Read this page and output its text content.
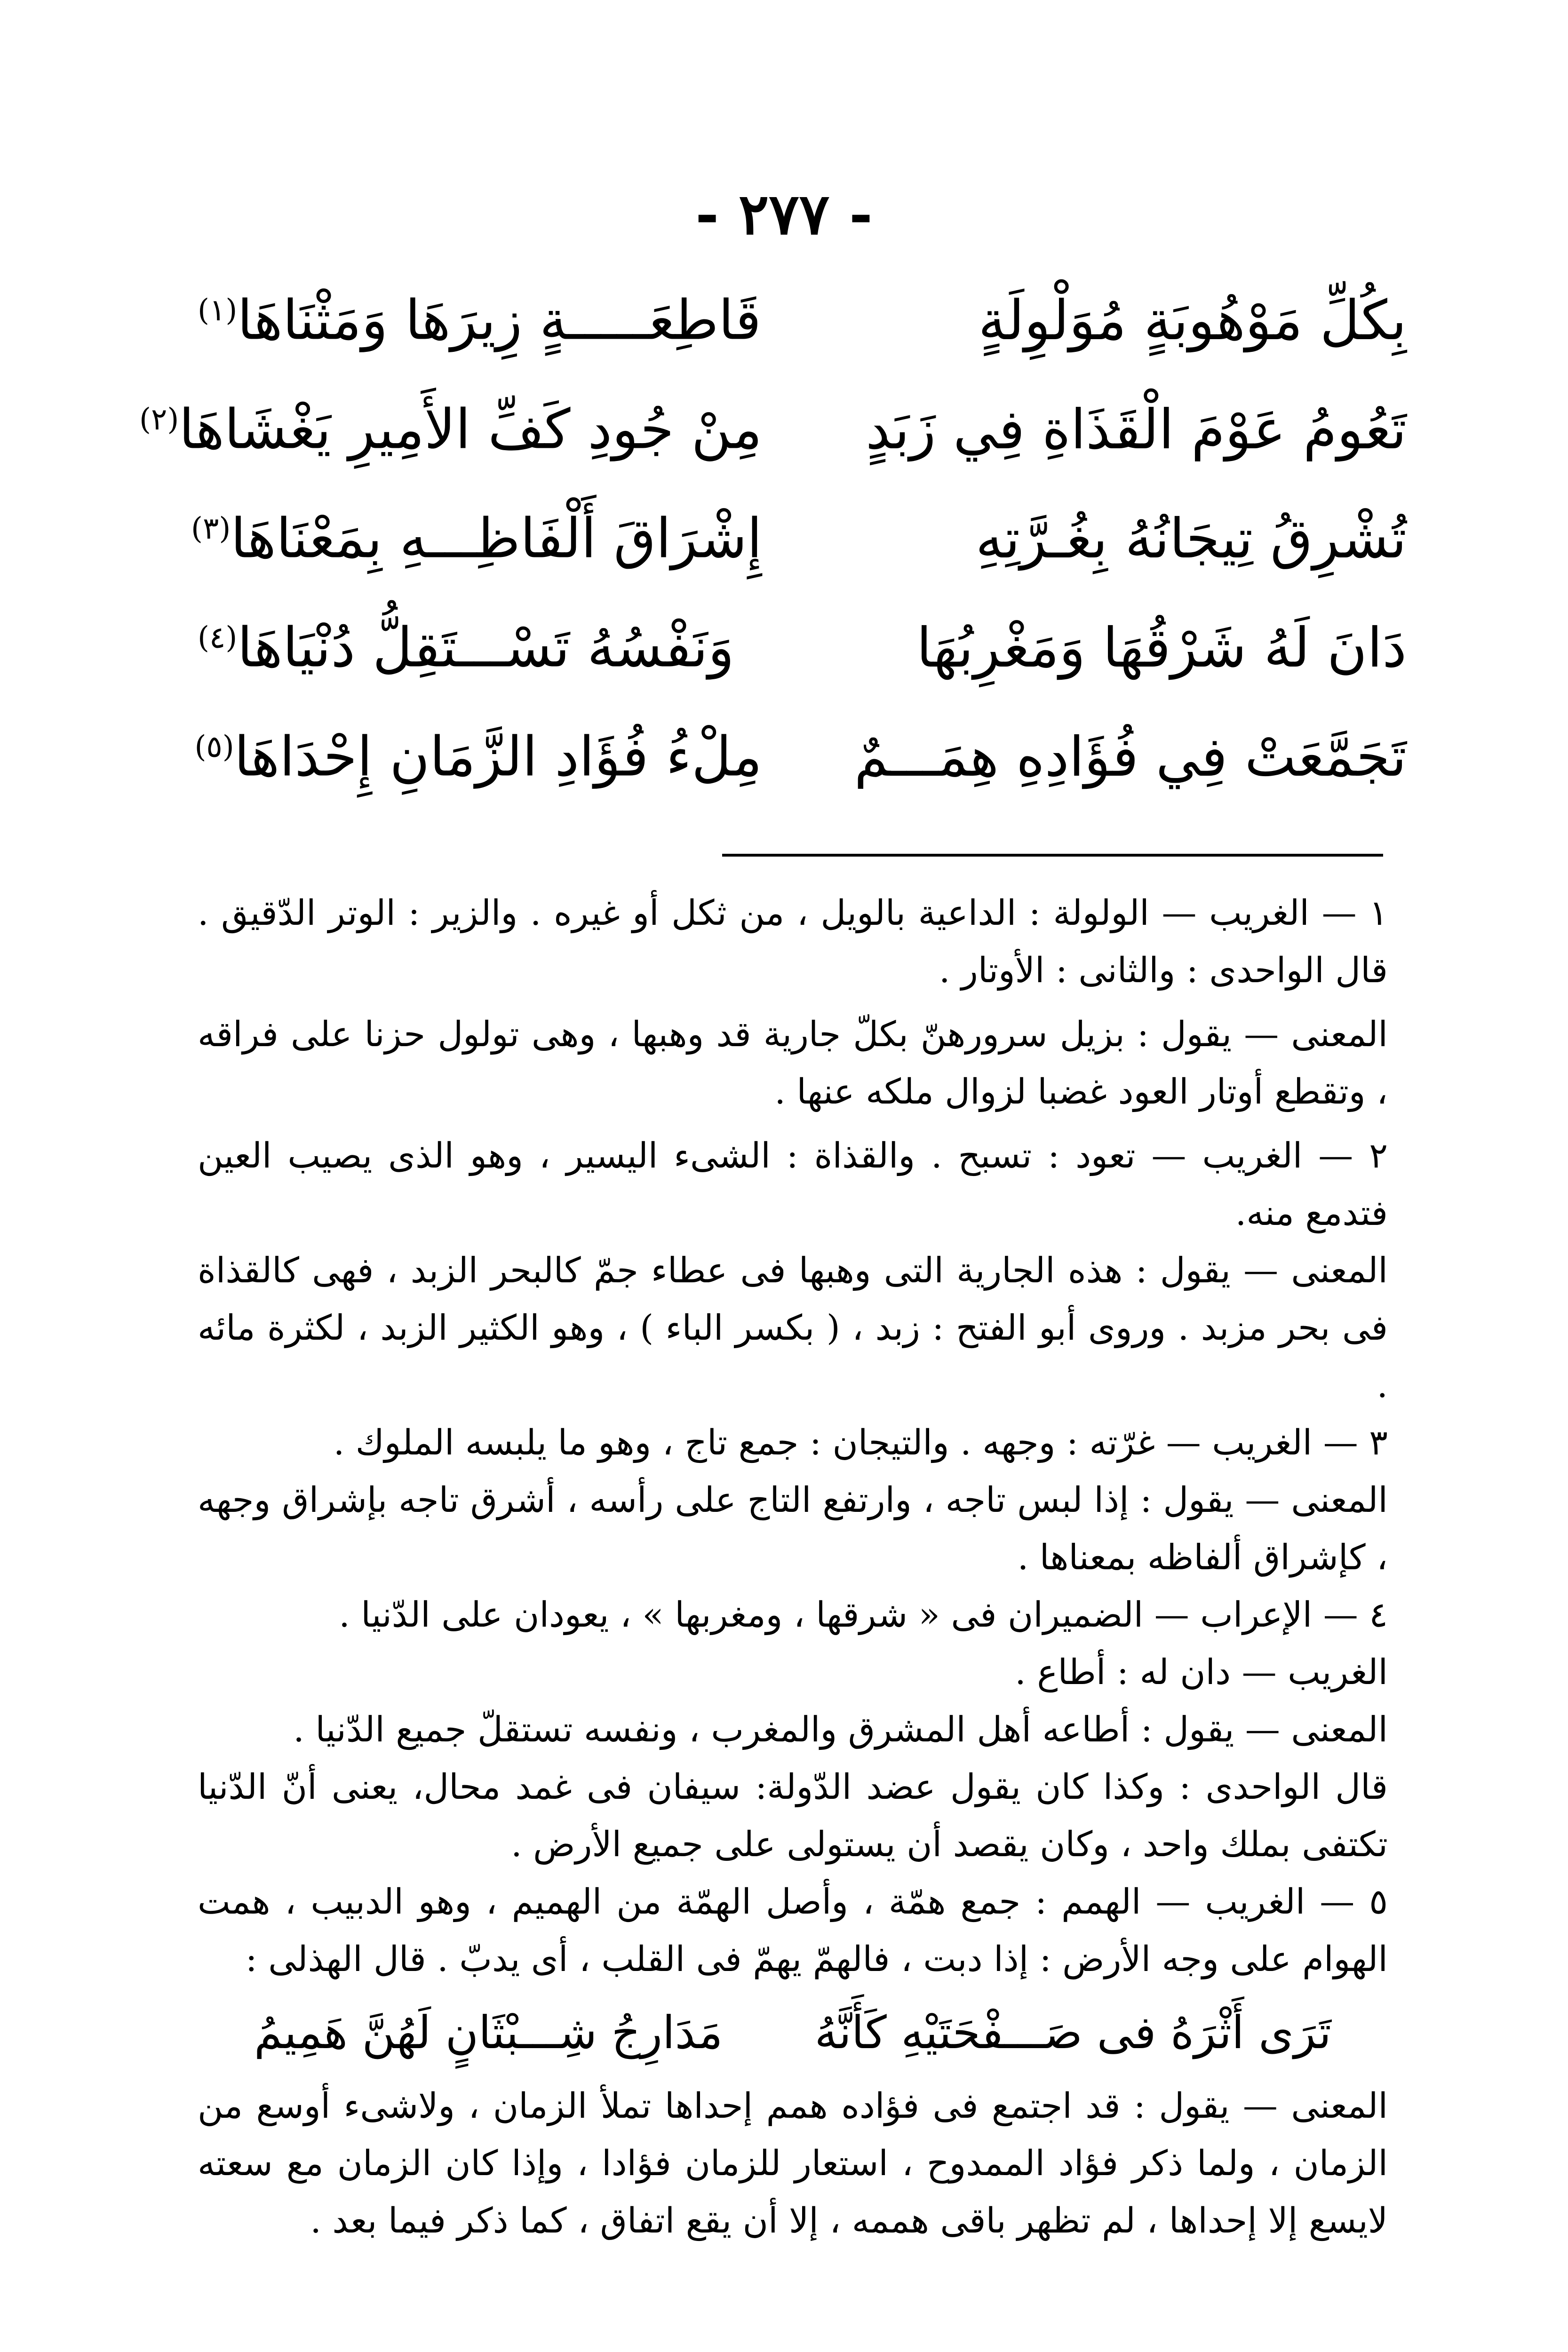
- ٢٧٧ -
بِكُلِّ مَوْهُوبَةٍ مُوَلْوِلَةٍ
قَاطِعَـــــةٍ زِيرَهَا وَمَثْنَاهَا$^{(١)}$
تَعُومُ عَوْمَ الْقَذَاةِ فِي زَبَدٍ
مِنْ جُودِ كَفِّ الأَمِيرِ يَغْشَاهَا$^{(٢)}$
تُشْرِقُ تِيجَانُهُ بِغُـرَّتِهِ
إِشْرَاقَ أَلْفَاظِـــهِ بِمَعْنَاهَا$^{(٣)}$
دَانَ لَهُ شَرْقُهَا وَمَغْرِبُهَا
وَنَفْسُهُ تَسْـــتَقِلُّ دُنْيَاهَا$^{(٤)}$
تَجَمَّعَتْ فِي فُؤَادِهِ هِمَـــمٌ
مِلْءُ فُؤَادِ الزَّمَانِ إِحْدَاهَا$^{(٥)}$

١ — الغريب — الولولة : الداعية بالويل ، من ثكل أو غيره . والزير : الوتر الدّقيق . قال الواحدى : والثانى : الأوتار .

المعنى — يقول : بزيل سرورهنّ بكلّ جارية قد وهبها ، وهى تولول حزنا على فراقه ، وتقطع أوتار العود غضبا لزوال ملكه عنها .

٢ — الغريب — تعود : تسبح . والقذاة : الشىء اليسير ، وهو الذى يصيب العين فتدمع منه.

المعنى — يقول : هذه الجارية التى وهبها فى عطاء جمّ كالبحر الزبد ، فهى كالقذاة فى بحر مزبد . وروى أبو الفتح : زبد ، ( بكسر الباء ) ، وهو الكثير الزبد ، لكثرة مائه .

٣ — الغريب — غرّته : وجهه . والتيجان : جمع تاج ، وهو ما يلبسه الملوك .

المعنى — يقول : إذا لبس تاجه ، وارتفع التاج على رأسه ، أشرق تاجه بإشراق وجهه ، كإشراق ألفاظه بمعناها .

٤ — الإعراب — الضميران فى « شرقها ، ومغربها » ، يعودان على الدّنيا .

الغريب — دان له : أطاع .

المعنى — يقول : أطاعه أهل المشرق والمغرب ، ونفسه تستقلّ جميع الدّنيا .

قال الواحدى : وكذا كان يقول عضد الدّولة: سيفان فى غمد محال، يعنى أنّ الدّنيا تكتفى بملك واحد ، وكان يقصد أن يستولى على جميع الأرض .

٥ — الغريب — الهمم : جمع همّة ، وأصل الهمّة من الهميم ، وهو الدبيب ، همت الهوام على وجه الأرض : إذا دبت ، فالهمّ يهمّ فى القلب ، أى يدبّ . قال الهذلى :

تَرَى أَثْرَهُ فى صَـــفْحَتَيْهِ كَأَنَّهُ
مَدَارِجُ شِـــبْثَانٍ لَهُنَّ هَمِيمُ

المعنى — يقول : قد اجتمع فى فؤاده همم إحداها تملأ الزمان ، ولاشىء أوسع من الزمان ، ولما ذكر فؤاد الممدوح ، استعار للزمان فؤادا ، وإذا كان الزمان مع سعته لايسع إلا إحداها ، لم تظهر باقى هممه ، إلا أن يقع اتفاق ، كما ذكر فيما بعد .
